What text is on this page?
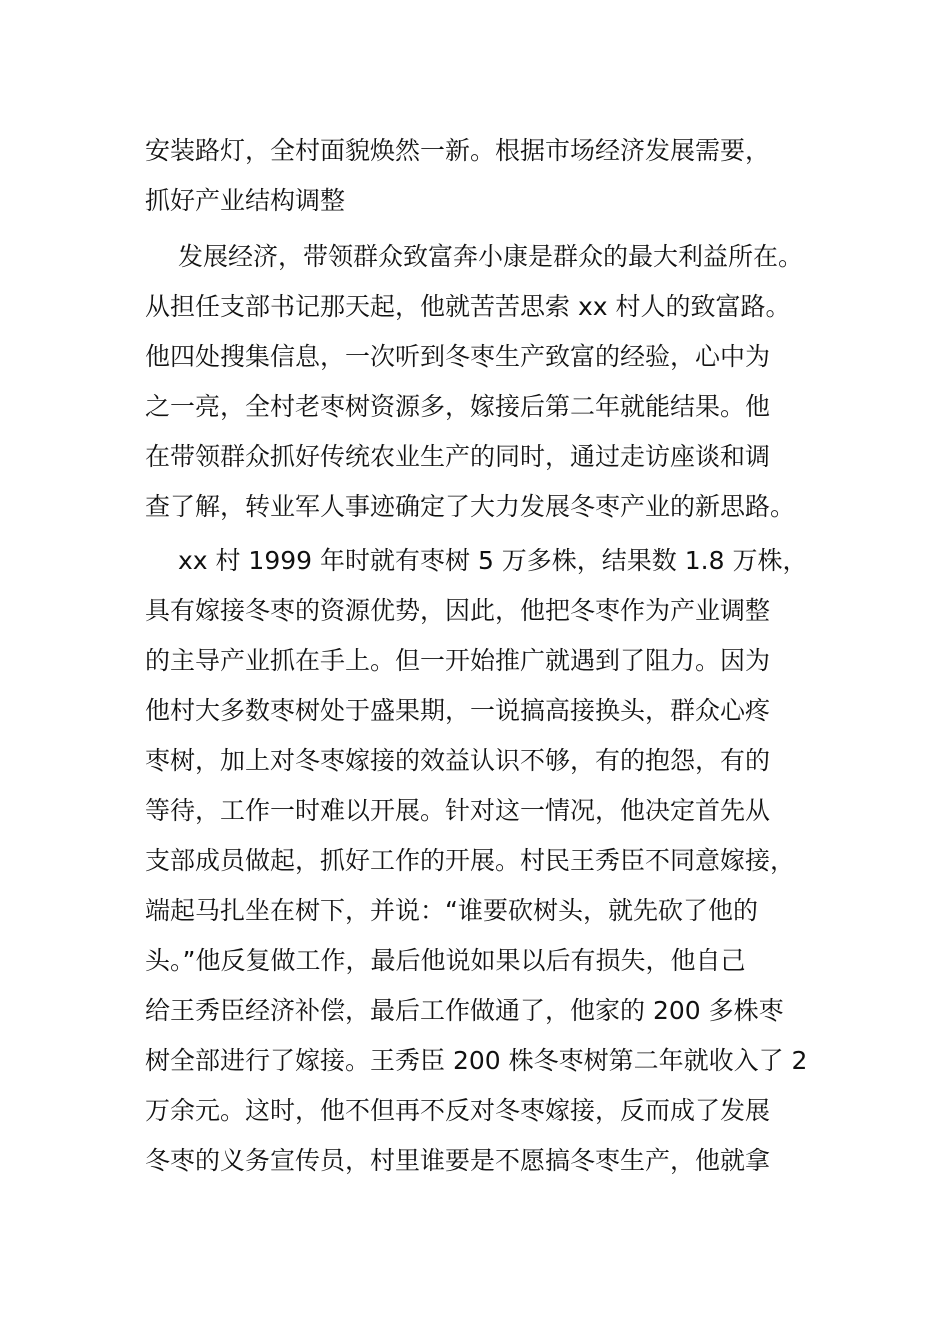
安装路灯，全村面貌焕然一新。根据市场经济发展需要，
抓好产业结构调整
　 发展经济，带领群众致富奔小康是群众的最大利益所在。
从担任支部书记那天起，他就苦苦思索 xx 村人的致富路。
他四处搜集信息，一次听到冬枣生产致富的经验，心中为
之一亮，全村老枣树资源多，嫁接后第二年就能结果。他
在带领群众抓好传统农业生产的同时，通过走访座谈和调
查了解，转业军人事迹确定了大力发展冬枣产业的新思路。
　 xx 村 1999 年时就有枣树 5 万多株，结果数 1.8 万株，
具有嫁接冬枣的资源优势，因此，他把冬枣作为产业调整
的主导产业抓在手上。但一开始推广就遇到了阻力。因为
他村大多数枣树处于盛果期，一说搞高接换头，群众心疼
枣树，加上对冬枣嫁接的效益认识不够，有的抱怨，有的
等待，工作一时难以开展。针对这一情况，他决定首先从
支部成员做起，抓好工作的开展。村民王秀臣不同意嫁接，
端起马扎坐在树下，并说：“谁要砍树头，就先砍了他的
头。”他反复做工作，最后他说如果以后有损失，他自己
给王秀臣经济补偿，最后工作做通了，他家的 200 多株枣
树全部进行了嫁接。王秀臣 200 株冬枣树第二年就收入了 2
万余元。这时，他不但再不反对冬枣嫁接，反而成了发展
冬枣的义务宣传员，村里谁要是不愿搞冬枣生产，他就拿
